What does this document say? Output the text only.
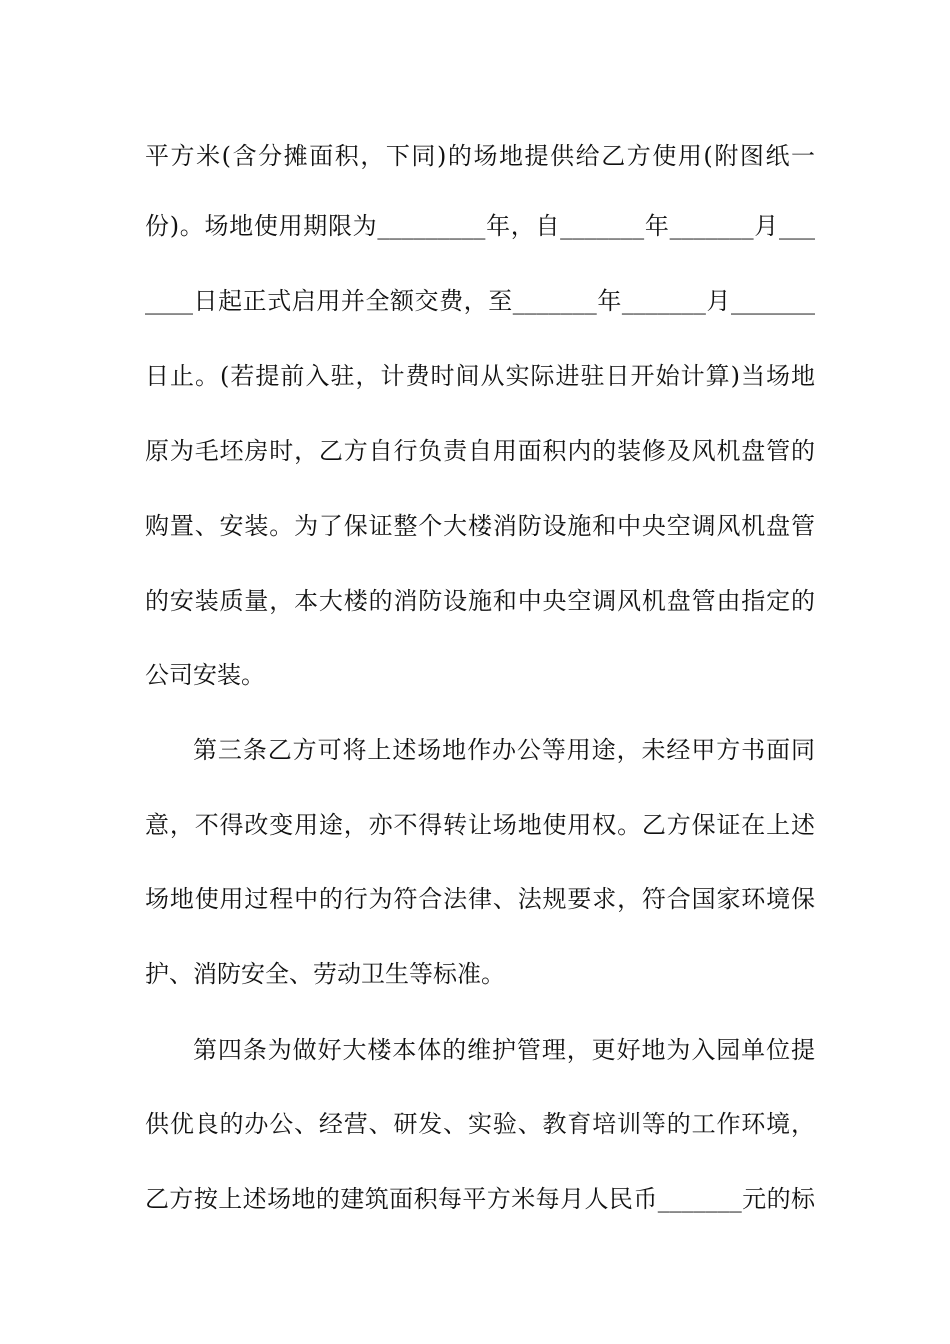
平方米(含分摊面积，下同)的场地提供给乙方使用(附图纸一
份)。场地使用期限为_________年，自_______年_______月___
____日起正式启用并全额交费，至_______年_______月_______
日止。(若提前入驻，计费时间从实际进驻日开始计算)当场地
原为毛坯房时，乙方自行负责自用面积内的装修及风机盘管的
购置、安装。为了保证整个大楼消防设施和中央空调风机盘管
的安装质量，本大楼的消防设施和中央空调风机盘管由指定的
公司安装。
第三条乙方可将上述场地作办公等用途，未经甲方书面同
意，不得改变用途，亦不得转让场地使用权。乙方保证在上述
场地使用过程中的行为符合法律、法规要求，符合国家环境保
护、消防安全、劳动卫生等标准。
第四条为做好大楼本体的维护管理，更好地为入园单位提
供优良的办公、经营、研发、实验、教育培训等的工作环境，
乙方按上述场地的建筑面积每平方米每月人民币_______元的标
